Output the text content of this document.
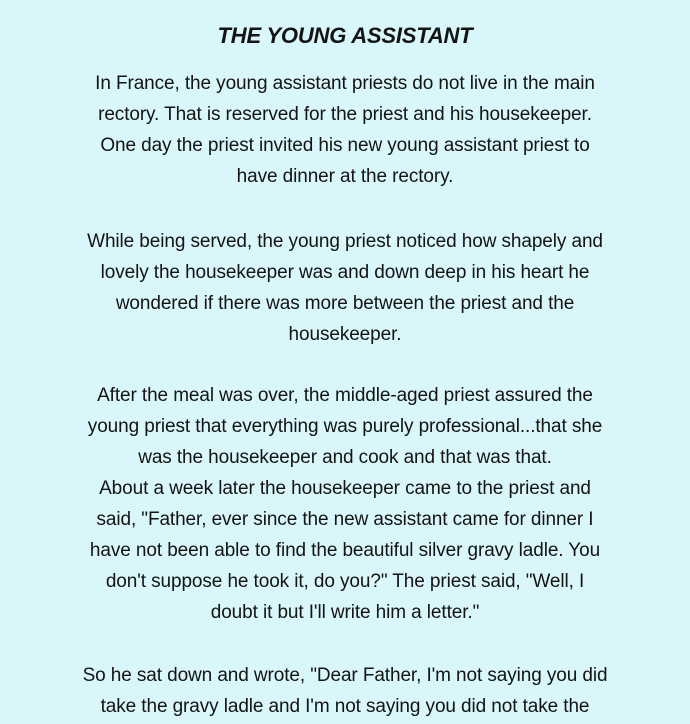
THE YOUNG ASSISTANT

In France, the young assistant priests do not live in the main
rectory. That is reserved for the priest and his housekeeper.
One day the priest invited his new young assistant priest to
have dinner at the rectory.

While being served, the young priest noticed how shapely and
lovely the housekeeper was and down deep in his heart he
wondered if there was more between the priest and the
housekeeper.

After the meal was over, the middle-aged priest assured the
young priest that everything was purely professional...that she
was the housekeeper and cook and that was that.
About a week later the housekeeper came to the priest and
said, "Father, ever since the new assistant came for dinner I
have not been able to find the beautiful silver gravy ladle. You
don't suppose he took it, do you?" The priest said, "Well, I
doubt it but I'll write him a letter."

So he sat down and wrote, "Dear Father, I'm not saying you did
take the gravy ladle and I'm not saying you did not take the
